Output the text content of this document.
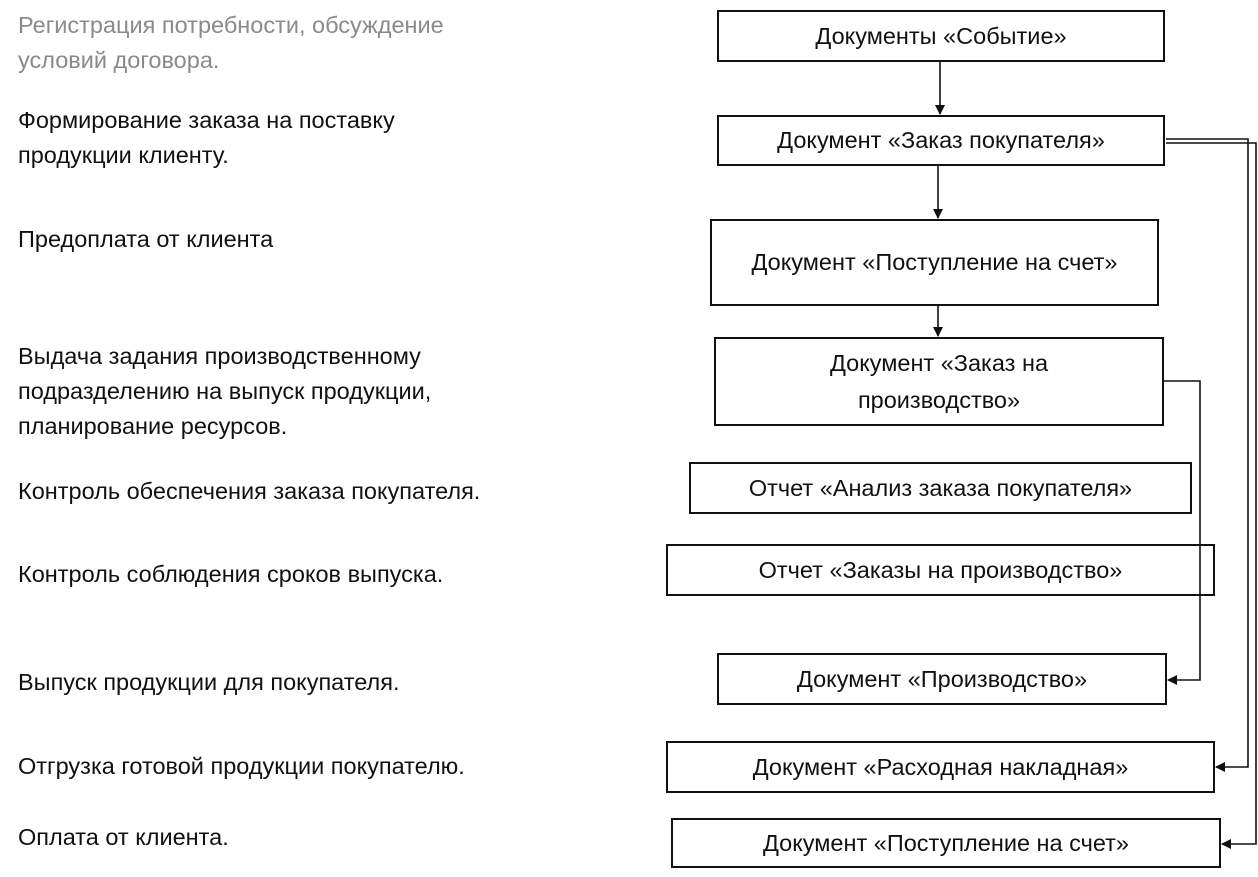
Регистрация потребности, обсуждение
условий договора.

Формирование заказа на поставку
продукции клиенту.

Предоплата от клиента

Выдача задания производственному
подразделению на выпуск продукции,
планирование ресурсов.

Контроль обеспечения заказа покупателя.

Контроль соблюдения сроков выпуска.

Выпуск продукции для покупателя.

Отгрузка готовой продукции покупателю.

Оплата от клиента.

Документы «Событие»
Документ «Заказ покупателя»
Документ «Поступление на счет»
Документ «Заказ на производство»
Отчет «Анализ заказа покупателя»
Отчет «Заказы на производство»
Документ «Производство»
Документ «Расходная накладная»
Документ «Поступление на счет»
